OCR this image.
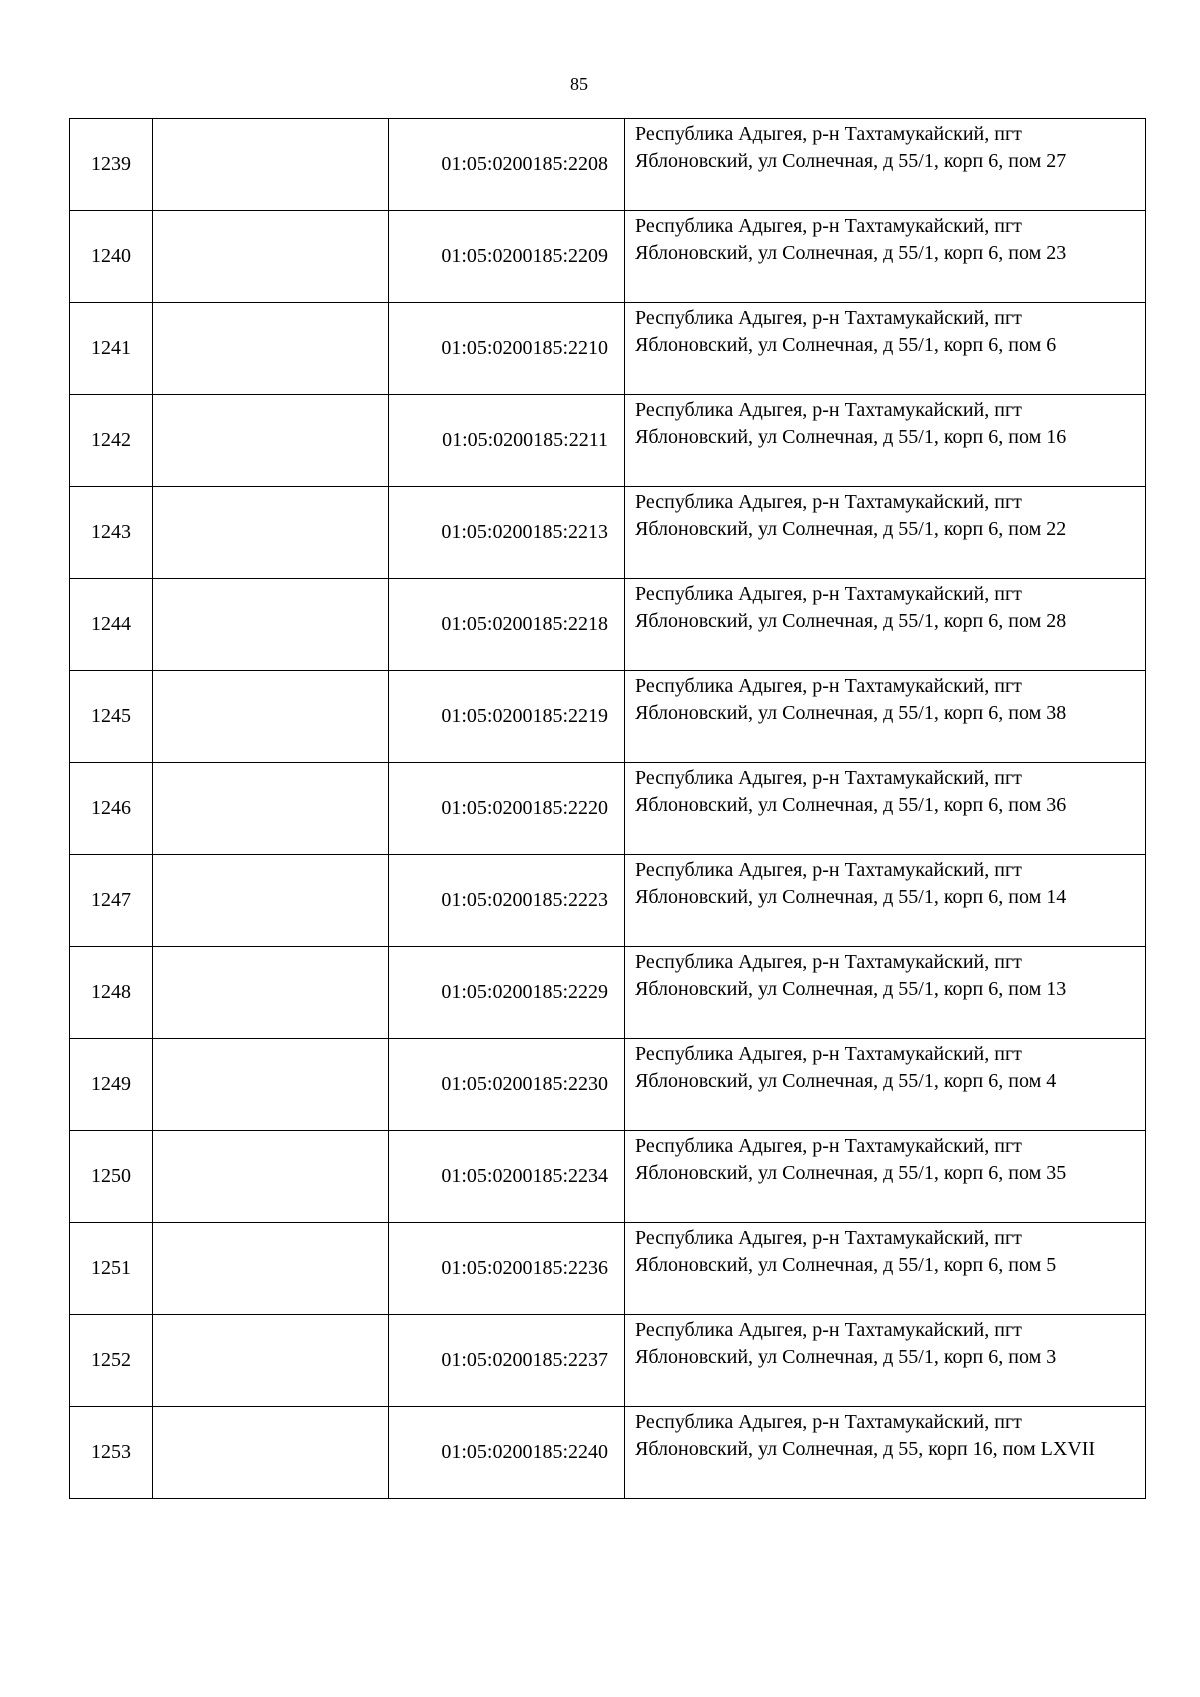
85
1239		01:05:0200185:2208	Республика Адыгея, р-н Тахтамукайский, пгт Яблоновский, ул Солнечная, д 55/1, корп 6, пом 27
1240		01:05:0200185:2209	Республика Адыгея, р-н Тахтамукайский, пгт Яблоновский, ул Солнечная, д 55/1, корп 6, пом 23
1241		01:05:0200185:2210	Республика Адыгея, р-н Тахтамукайский, пгт Яблоновский, ул Солнечная, д 55/1, корп 6, пом 6
1242		01:05:0200185:2211	Республика Адыгея, р-н Тахтамукайский, пгт Яблоновский, ул Солнечная, д 55/1, корп 6, пом 16
1243		01:05:0200185:2213	Республика Адыгея, р-н Тахтамукайский, пгт Яблоновский, ул Солнечная, д 55/1, корп 6, пом 22
1244		01:05:0200185:2218	Республика Адыгея, р-н Тахтамукайский, пгт Яблоновский, ул Солнечная, д 55/1, корп 6, пом 28
1245		01:05:0200185:2219	Республика Адыгея, р-н Тахтамукайский, пгт Яблоновский, ул Солнечная, д 55/1, корп 6, пом 38
1246		01:05:0200185:2220	Республика Адыгея, р-н Тахтамукайский, пгт Яблоновский, ул Солнечная, д 55/1, корп 6, пом 36
1247		01:05:0200185:2223	Республика Адыгея, р-н Тахтамукайский, пгт Яблоновский, ул Солнечная, д 55/1, корп 6, пом 14
1248		01:05:0200185:2229	Республика Адыгея, р-н Тахтамукайский, пгт Яблоновский, ул Солнечная, д 55/1, корп 6, пом 13
1249		01:05:0200185:2230	Республика Адыгея, р-н Тахтамукайский, пгт Яблоновский, ул Солнечная, д 55/1, корп 6, пом 4
1250		01:05:0200185:2234	Республика Адыгея, р-н Тахтамукайский, пгт Яблоновский, ул Солнечная, д 55/1, корп 6, пом 35
1251		01:05:0200185:2236	Республика Адыгея, р-н Тахтамукайский, пгт Яблоновский, ул Солнечная, д 55/1, корп 6, пом 5
1252		01:05:0200185:2237	Республика Адыгея, р-н Тахтамукайский, пгт Яблоновский, ул Солнечная, д 55/1, корп 6, пом 3
1253		01:05:0200185:2240	Республика Адыгея, р-н Тахтамукайский, пгт Яблоновский, ул Солнечная, д 55, корп 16, пом LXVII
